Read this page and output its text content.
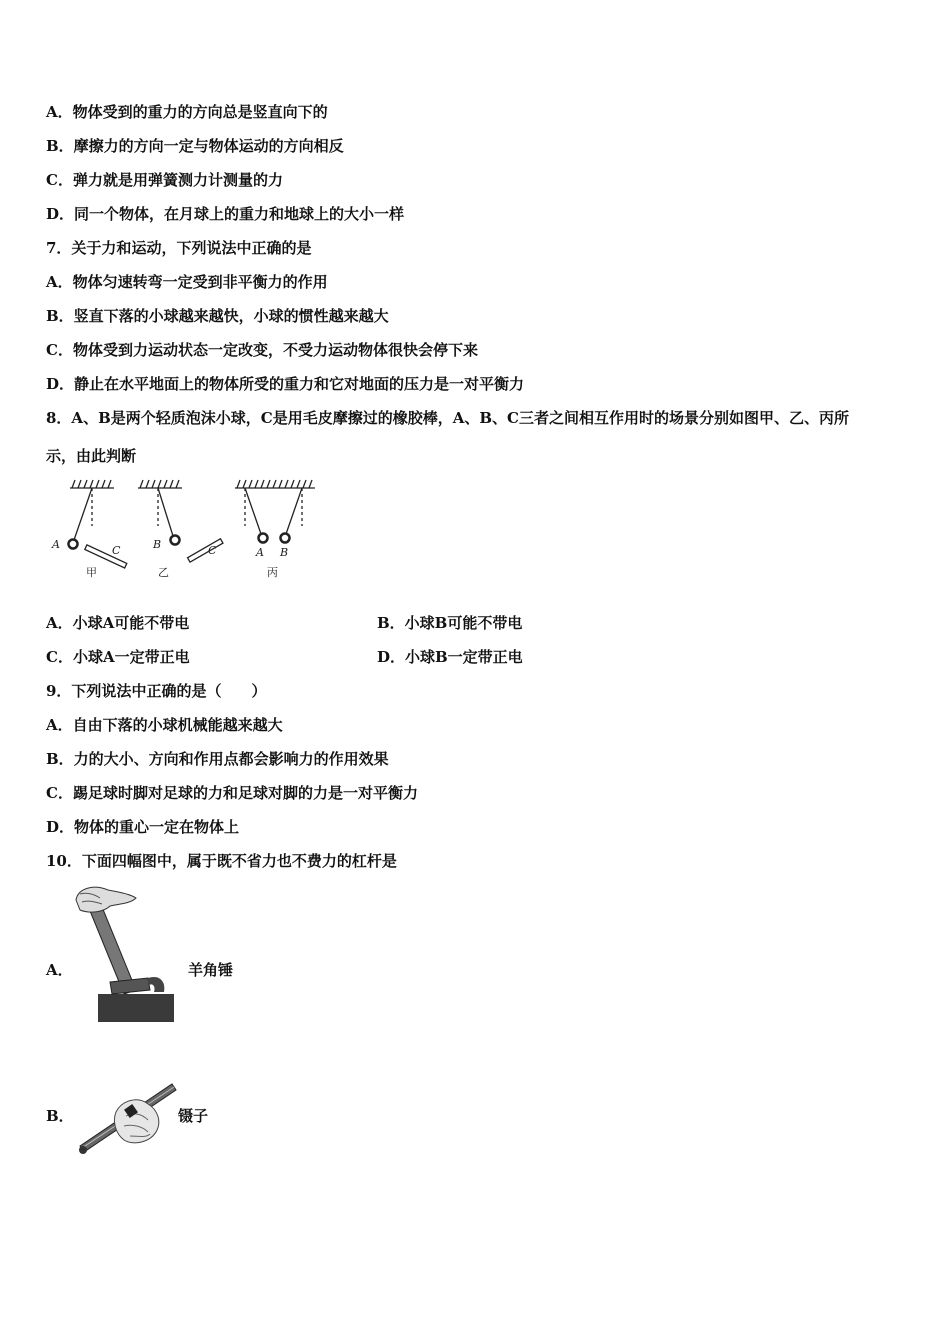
A．物体受到的重力的方向总是竖直向下的
B．摩擦力的方向一定与物体运动的方向相反
C．弹力就是用弹簧测力计测量的力
D．同一个物体，在月球上的重力和地球上的大小一样
7．关于力和运动，下列说法中正确的是
A．物体匀速转弯一定受到非平衡力的作用
B．竖直下落的小球越来越快，小球的惯性越来越大
C．物体受到力运动状态一定改变，不受力运动物体很快会停下来
D．静止在水平地面上的物体所受的重力和它对地面的压力是一对平衡力
8．A、B是两个轻质泡沫小球，C是用毛皮摩擦过的橡胶棒，A、B、C三者之间相互作用时的场景分别如图甲、乙、丙所
示，由此判断
A	C	B	C	A B
甲	乙	丙
A．小球A可能不带电	B．小球B可能不带电
C．小球A一定带正电	D．小球B一定带正电
9．下列说法中正确的是（　　）
A．自由下落的小球机械能越来越大
B．力的大小、方向和作用点都会影响力的作用效果
C．踢足球时脚对足球的力和足球对脚的力是一对平衡力
D．物体的重心一定在物体上
10．下面四幅图中，属于既不省力也不费力的杠杆是
A．	羊角锤
B．	镊子
